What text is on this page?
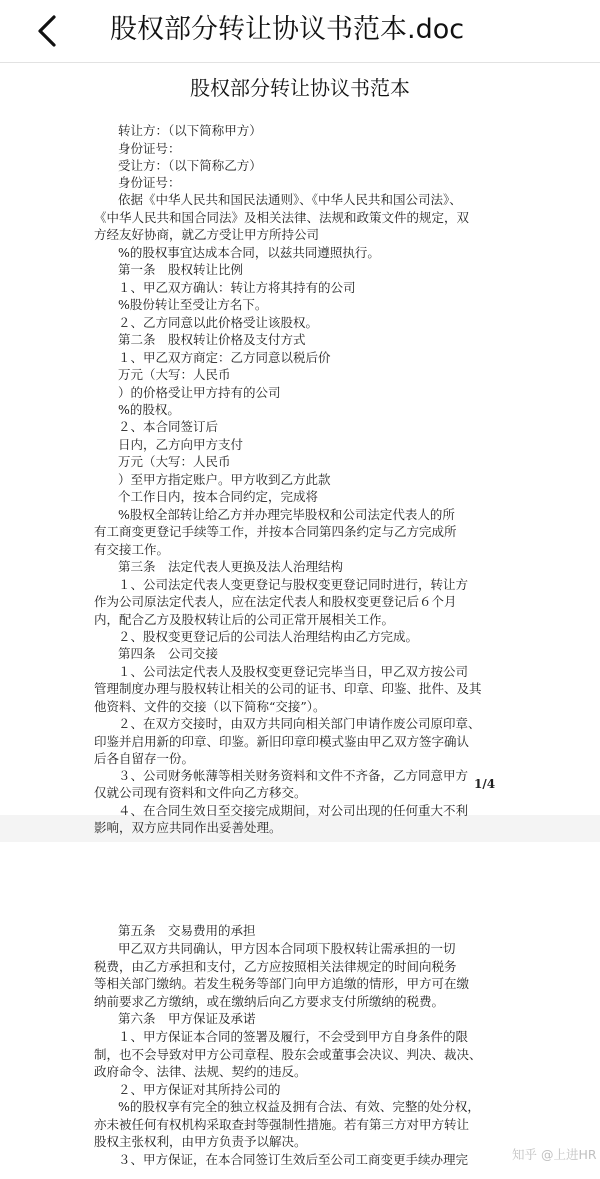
股权部分转让协议书范本.doc
股权部分转让协议书范本
转让方：（以下简称甲方）
身份证号：
受让方：（以下简称乙方）
身份证号：
依据《中华人民共和国民法通则》、《中华人民共和国公司法》、
《中华人民共和国合同法》及相关法律、法规和政策文件的规定，双
方经友好协商，就乙方受让甲方所持公司
%的股权事宜达成本合同，以兹共同遵照执行。
第一条　股权转让比例
１、甲乙双方确认：转让方将其持有的公司
%股份转让至受让方名下。
２、乙方同意以此价格受让该股权。
第二条　股权转让价格及支付方式
１、甲乙双方商定：乙方同意以税后价
万元（大写：人民币
）的价格受让甲方持有的公司
%的股权。
２、本合同签订后
日内，乙方向甲方支付
万元（大写：人民币
）至甲方指定账户。甲方收到乙方此款
个工作日内，按本合同约定，完成将
%股权全部转让给乙方并办理完毕股权和公司法定代表人的所
有工商变更登记手续等工作，并按本合同第四条约定与乙方完成所
有交接工作。
第三条　法定代表人更换及法人治理结构
１、公司法定代表人变更登记与股权变更登记同时进行，转让方
作为公司原法定代表人，应在法定代表人和股权变更登记后６个月
内，配合乙方及股权转让后的公司正常开展相关工作。
２、股权变更登记后的公司法人治理结构由乙方完成。
第四条　公司交接
１、公司法定代表人及股权变更登记完毕当日，甲乙双方按公司
管理制度办理与股权转让相关的公司的证书、印章、印鉴、批件、及其
他资料、文件的交接（以下简称“交接”）。
２、在双方交接时，由双方共同向相关部门申请作废公司原印章、
印鉴并启用新的印章、印鉴。新旧印章印模式鉴由甲乙双方签字确认
后各自留存一份。
３、公司财务帐薄等相关财务资料和文件不齐备，乙方同意甲方
仅就公司现有资料和文件向乙方移交。
４、在合同生效日至交接完成期间，对公司出现的任何重大不利
影响，双方应共同作出妥善处理。
1/4
第五条　交易费用的承担
甲乙双方共同确认，甲方因本合同项下股权转让需承担的一切
税费，由乙方承担和支付，乙方应按照相关法律规定的时间向税务
等相关部门缴纳。若发生税务等部门向甲方追缴的情形，甲方可在缴
纳前要求乙方缴纳，或在缴纳后向乙方要求支付所缴纳的税费。
第六条　甲方保证及承诺
１、甲方保证本合同的签署及履行，不会受到甲方自身条件的限
制，也不会导致对甲方公司章程、股东会或董事会决议、判决、裁决、
政府命令、法律、法规、契约的违反。
２、甲方保证对其所持公司的
%的股权享有完全的独立权益及拥有合法、有效、完整的处分权，
亦未被任何有权机构采取查封等强制性措施。若有第三方对甲方转让
股权主张权利，由甲方负责予以解决。
３、甲方保证，在本合同签订生效后至公司工商变更手续办理完	知乎 @上进HR
